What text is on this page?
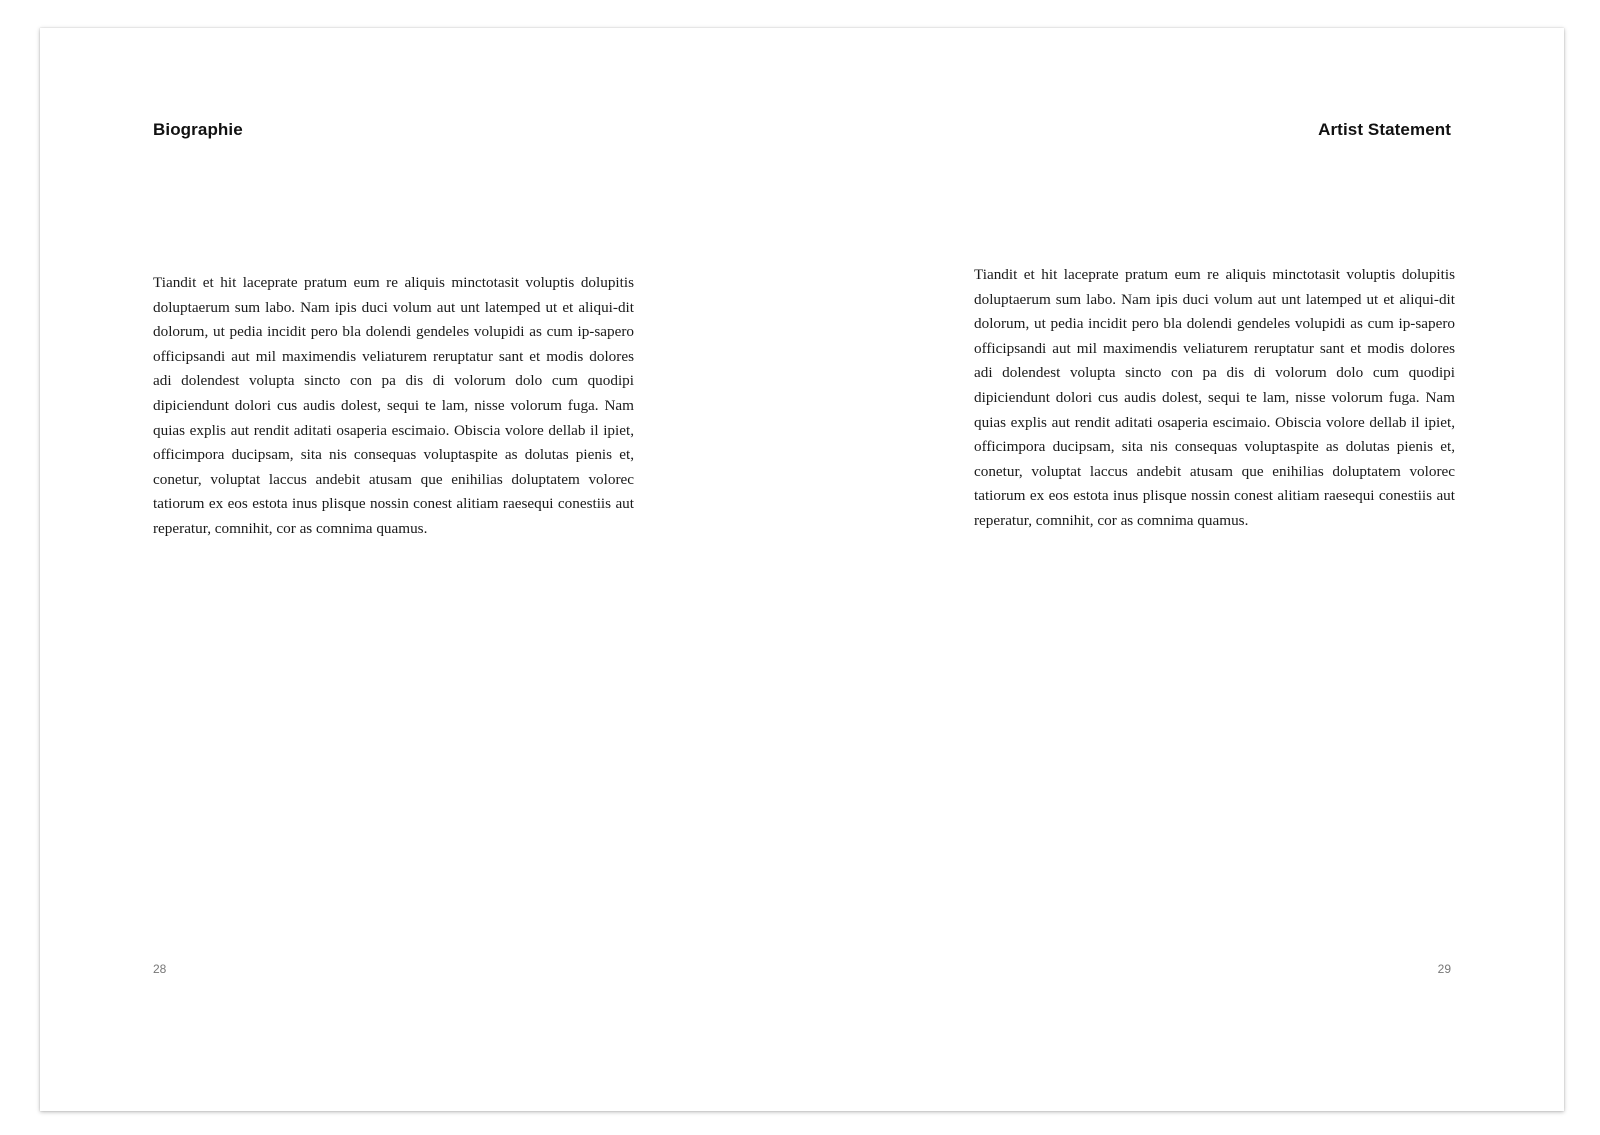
Biographie

Tiandit et hit laceprate pratum eum re aliquis minctotasit voluptis dolupitis doluptaerum sum labo. Nam ipis duci volum aut unt latemped ut et aliqui-dit dolorum, ut pedia incidit pero bla dolendi gendeles volupidi as cum ip-sapero officipsandi aut mil maximendis veliaturem reruptatur sant et modis dolores adi dolendest volupta sincto con pa dis di volorum dolo cum quodipi dipiciendunt dolori cus audis dolest, sequi te lam, nisse volorum fuga. Nam quias explis aut rendit aditati osaperia escimaio. Obiscia volore dellab il ipiet, officimpora ducipsam, sita nis consequas voluptaspite as dolutas pienis et, conetur, voluptat laccus andebit atusam que enihilias doluptatem volorec tatiorum ex eos estota inus plisque nossin conest alitiam raesequi conestiis aut reperatur, comnihit, cor as comnima quamus.

28
Artist Statement

Tiandit et hit laceprate pratum eum re aliquis minctotasit voluptis dolupitis doluptaerum sum labo. Nam ipis duci volum aut unt latemped ut et aliqui-dit dolorum, ut pedia incidit pero bla dolendi gendeles volupidi as cum ip-sapero officipsandi aut mil maximendis veliaturem reruptatur sant et modis dolores adi dolendest volupta sincto con pa dis di volorum dolo cum quodipi dipiciendunt dolori cus audis dolest, sequi te lam, nisse volorum fuga. Nam quias explis aut rendit aditati osaperia escimaio. Obiscia volore dellab il ipiet, officimpora ducipsam, sita nis consequas voluptaspite as dolutas pienis et, conetur, voluptat laccus andebit atusam que enihilias doluptatem volorec tatiorum ex eos estota inus plisque nossin conest alitiam raesequi conestiis aut reperatur, comnihit, cor as comnima quamus.

29
